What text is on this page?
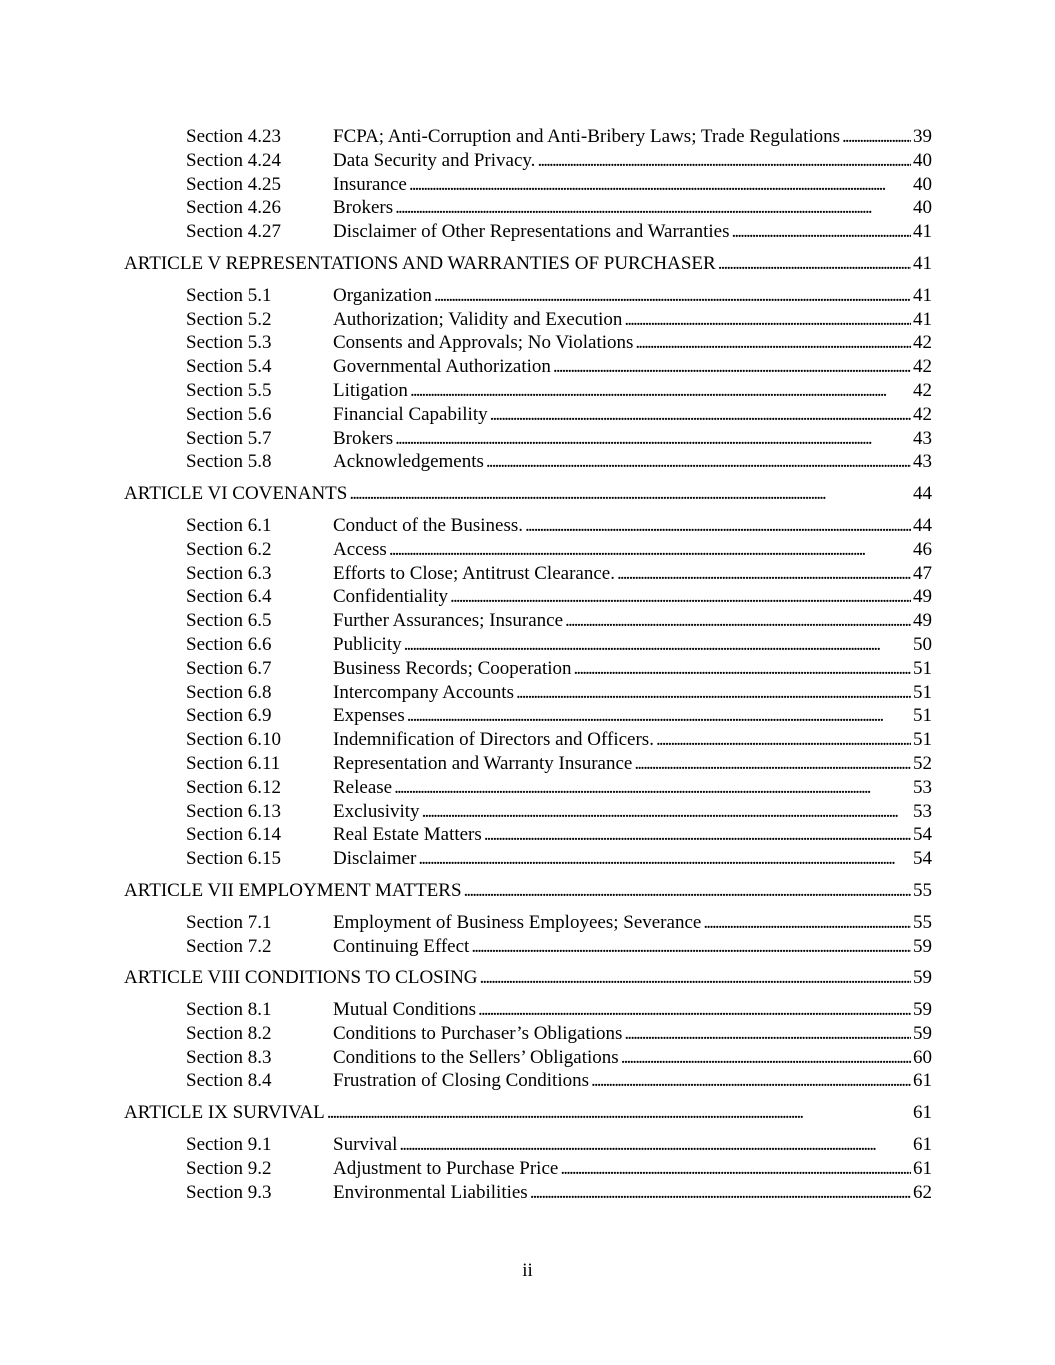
Section 4.23	FCPA; Anti-Corruption and Anti-Bribery Laws; Trade Regulations . . .	39
Section 4.24	Data Security and Privacy. . . .	40
Section 4.25	Insurance . . .	40
Section 4.26	Brokers . . .	40
Section 4.27	Disclaimer of Other Representations and Warranties . . .	41
ARTICLE V REPRESENTATIONS AND WARRANTIES OF PURCHASER . . .	41
Section 5.1	Organization . . .	41
Section 5.2	Authorization; Validity and Execution . . .	41
Section 5.3	Consents and Approvals; No Violations . . .	42
Section 5.4	Governmental Authorization . . .	42
Section 5.5	Litigation . . .	42
Section 5.6	Financial Capability . . .	42
Section 5.7	Brokers . . .	43
Section 5.8	Acknowledgements . . .	43
ARTICLE VI COVENANTS . . .	44
Section 6.1	Conduct of the Business. . . .	44
Section 6.2	Access . . .	46
Section 6.3	Efforts to Close; Antitrust Clearance. . . .	47
Section 6.4	Confidentiality . . .	49
Section 6.5	Further Assurances; Insurance . . .	49
Section 6.6	Publicity . . .	50
Section 6.7	Business Records; Cooperation . . .	51
Section 6.8	Intercompany Accounts . . .	51
Section 6.9	Expenses . . .	51
Section 6.10	Indemnification of Directors and Officers. . . .	51
Section 6.11	Representation and Warranty Insurance . . .	52
Section 6.12	Release . . .	53
Section 6.13	Exclusivity . . .	53
Section 6.14	Real Estate Matters . . .	54
Section 6.15	Disclaimer . . .	54
ARTICLE VII EMPLOYMENT MATTERS . . .	55
Section 7.1	Employment of Business Employees; Severance . . .	55
Section 7.2	Continuing Effect . . .	59
ARTICLE VIII CONDITIONS TO CLOSING . . .	59
Section 8.1	Mutual Conditions . . .	59
Section 8.2	Conditions to Purchaser’s Obligations . . .	59
Section 8.3	Conditions to the Sellers’ Obligations . . .	60
Section 8.4	Frustration of Closing Conditions . . .	61
ARTICLE IX SURVIVAL . . .	61
Section 9.1	Survival . . .	61
Section 9.2	Adjustment to Purchase Price . . .	61
Section 9.3	Environmental Liabilities . . .	62
ii
